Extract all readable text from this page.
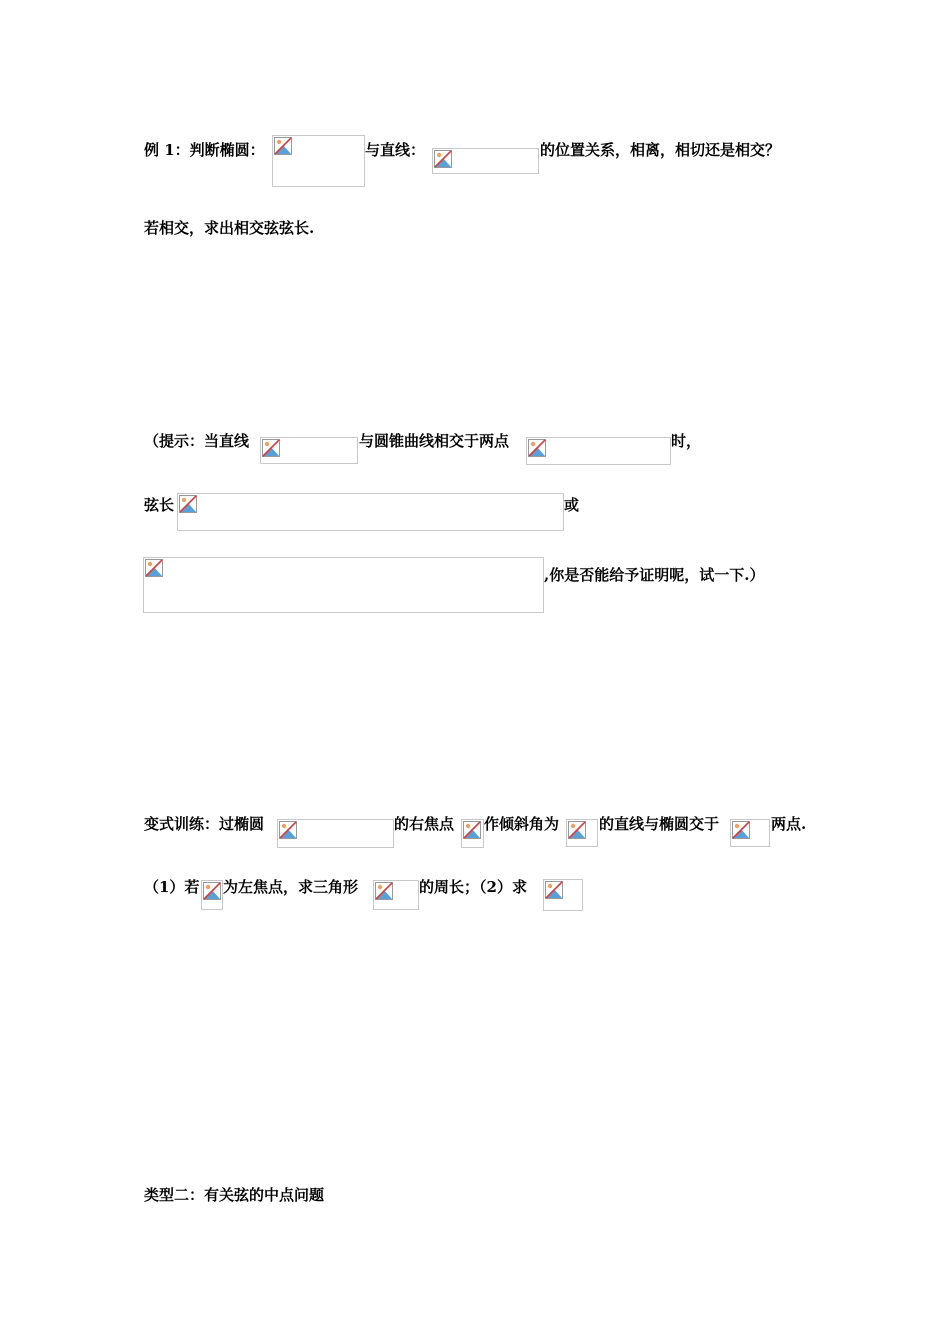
例 1：判断椭圆：	与直线：	的位置关系，相离，相切还是相交？
若相交，求出相交弦弦长.
（提示：当直线	与圆锥曲线相交于两点	时，
弦长	或
,你是否能给予证明呢，试一下.）
变式训练：过椭圆	的右焦点 作倾斜角为	的直线与椭圆交于	两点.
（1）若 为左焦点，求三角形	的周长；（2）求
类型二：有关弦的中点问题
